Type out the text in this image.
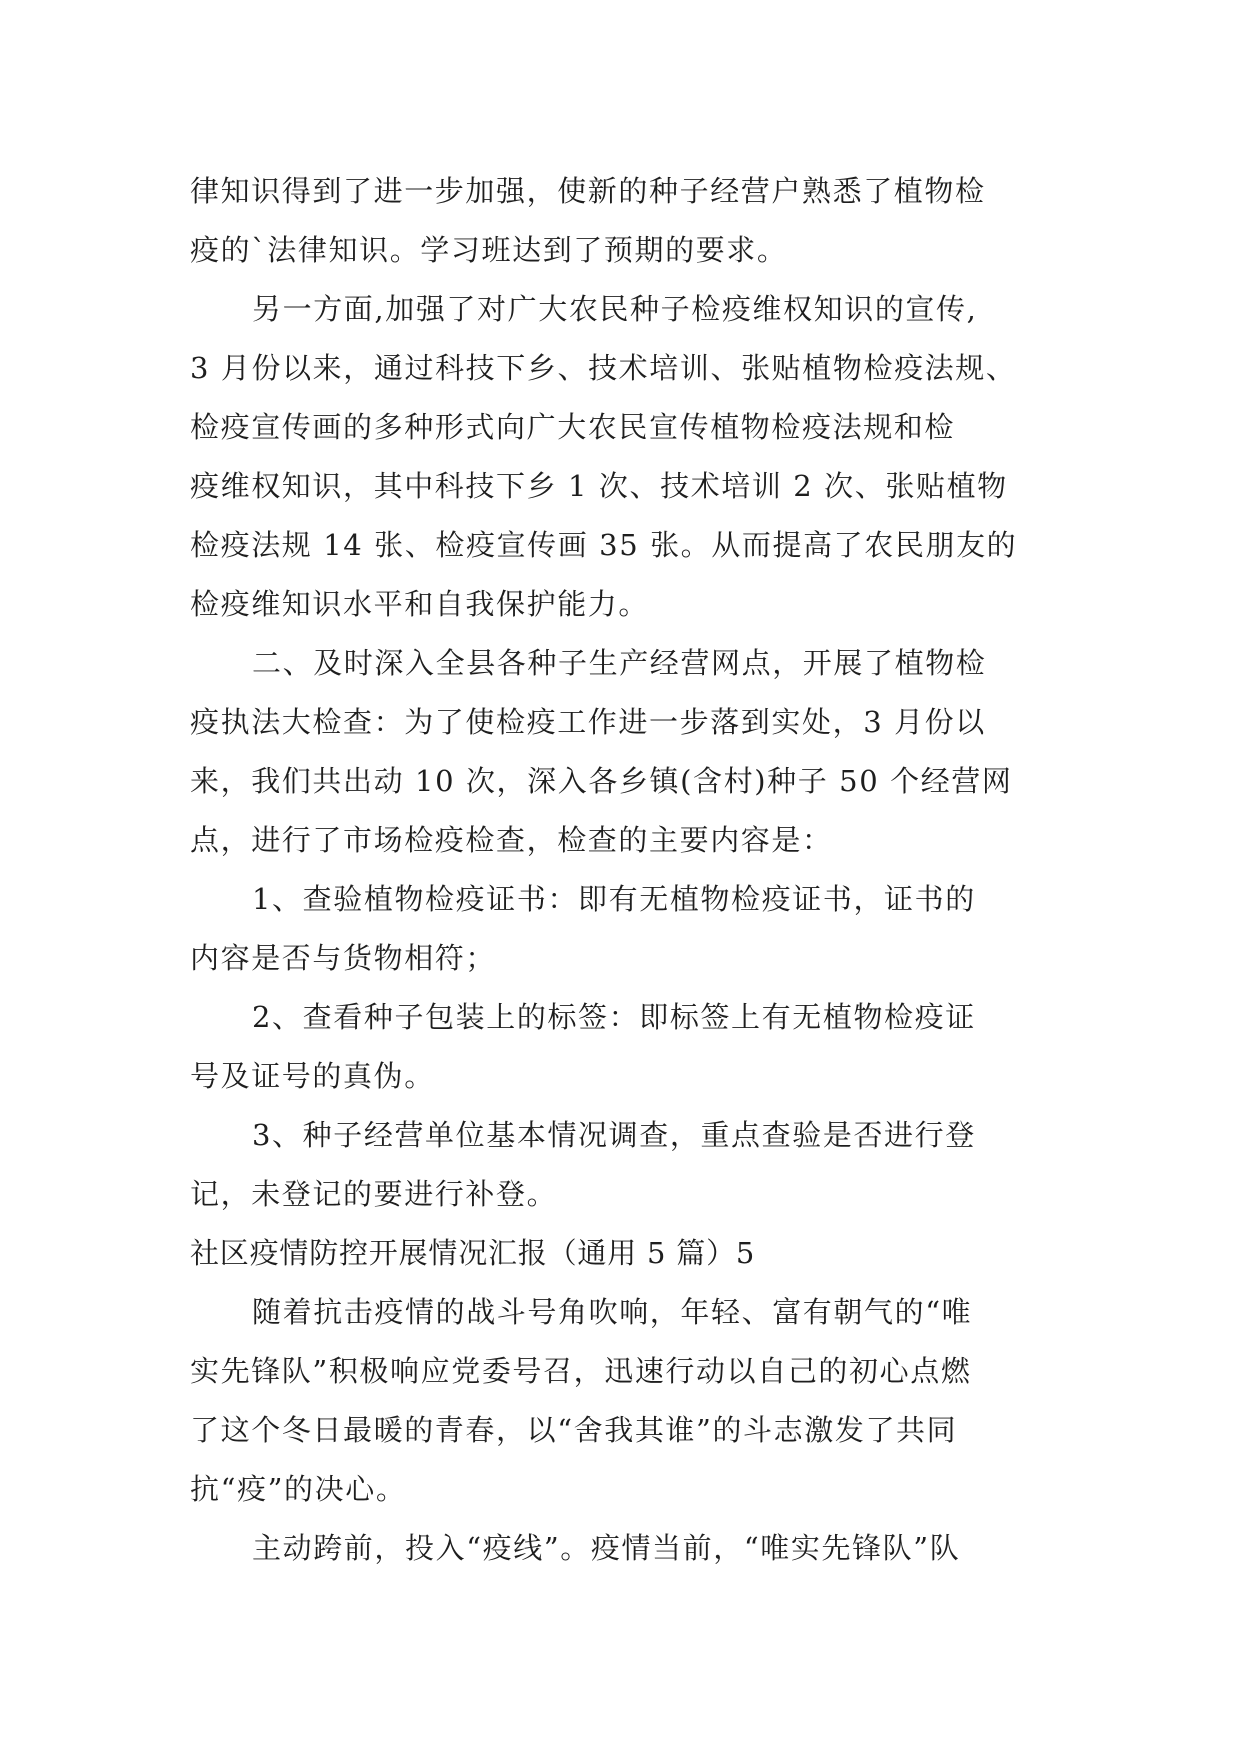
律知识得到了进一步加强，使新的种子经营户熟悉了植物检
疫的`法律知识。学习班达到了预期的要求。
另一方面,加强了对广大农民种子检疫维权知识的宣传,
3 月份以来，通过科技下乡、技术培训、张贴植物检疫法规、
检疫宣传画的多种形式向广大农民宣传植物检疫法规和检
疫维权知识，其中科技下乡 1 次、技术培训 2 次、张贴植物
检疫法规 14 张、检疫宣传画 35 张。从而提高了农民朋友的
检疫维知识水平和自我保护能力。
二、及时深入全县各种子生产经营网点，开展了植物检
疫执法大检查：为了使检疫工作进一步落到实处，3 月份以
来，我们共出动 10 次，深入各乡镇(含村)种子 50 个经营网
点，进行了市场检疫检查，检查的主要内容是：
1、查验植物检疫证书：即有无植物检疫证书，证书的
内容是否与货物相符；
2、查看种子包装上的标签：即标签上有无植物检疫证
号及证号的真伪。
3、种子经营单位基本情况调查，重点查验是否进行登
记，未登记的要进行补登。
社区疫情防控开展情况汇报（通用 5 篇）5
随着抗击疫情的战斗号角吹响，年轻、富有朝气的“唯
实先锋队”积极响应党委号召，迅速行动以自己的初心点燃
了这个冬日最暖的青春，以“舍我其谁”的斗志激发了共同
抗“疫”的决心。
主动跨前，投入“疫线”。疫情当前，“唯实先锋队”队
